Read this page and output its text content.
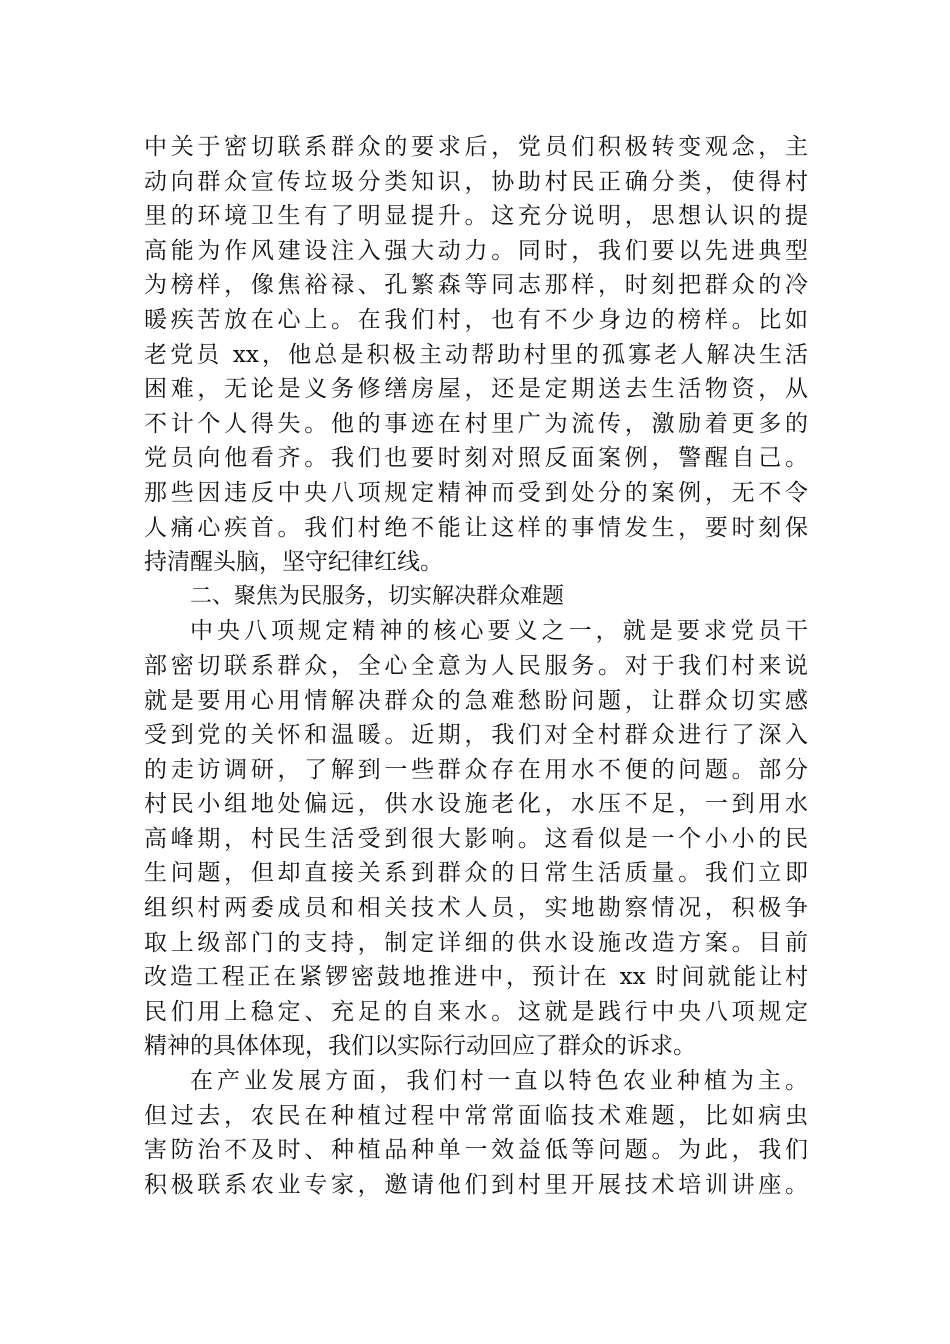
中关于密切联系群众的要求后，党员们积极转变观念，主
动向群众宣传垃圾分类知识，协助村民正确分类，使得村
里的环境卫生有了明显提升。这充分说明，思想认识的提
高能为作风建设注入强大动力。同时，我们要以先进典型
为榜样，像焦裕禄、孔繁森等同志那样，时刻把群众的冷
暖疾苦放在心上。在我们村，也有不少身边的榜样。比如
老党员 xx，他总是积极主动帮助村里的孤寡老人解决生活
困难，无论是义务修缮房屋，还是定期送去生活物资，从
不计个人得失。他的事迹在村里广为流传，激励着更多的
党员向他看齐。我们也要时刻对照反面案例，警醒自己。
那些因违反中央八项规定精神而受到处分的案例，无不令
人痛心疾首。我们村绝不能让这样的事情发生，要时刻保
持清醒头脑，坚守纪律红线。
二、聚焦为民服务，切实解决群众难题
中央八项规定精神的核心要义之一，就是要求党员干
部密切联系群众，全心全意为人民服务。对于我们村来说
就是要用心用情解决群众的急难愁盼问题，让群众切实感
受到党的关怀和温暖。近期，我们对全村群众进行了深入
的走访调研，了解到一些群众存在用水不便的问题。部分
村民小组地处偏远，供水设施老化，水压不足，一到用水
高峰期，村民生活受到很大影响。这看似是一个小小的民
生问题，但却直接关系到群众的日常生活质量。我们立即
组织村两委成员和相关技术人员，实地勘察情况，积极争
取上级部门的支持，制定详细的供水设施改造方案。目前
改造工程正在紧锣密鼓地推进中，预计在 xx 时间就能让村
民们用上稳定、充足的自来水。这就是践行中央八项规定
精神的具体体现，我们以实际行动回应了群众的诉求。
在产业发展方面，我们村一直以特色农业种植为主。
但过去，农民在种植过程中常常面临技术难题，比如病虫
害防治不及时、种植品种单一效益低等问题。为此，我们
积极联系农业专家，邀请他们到村里开展技术培训讲座。
